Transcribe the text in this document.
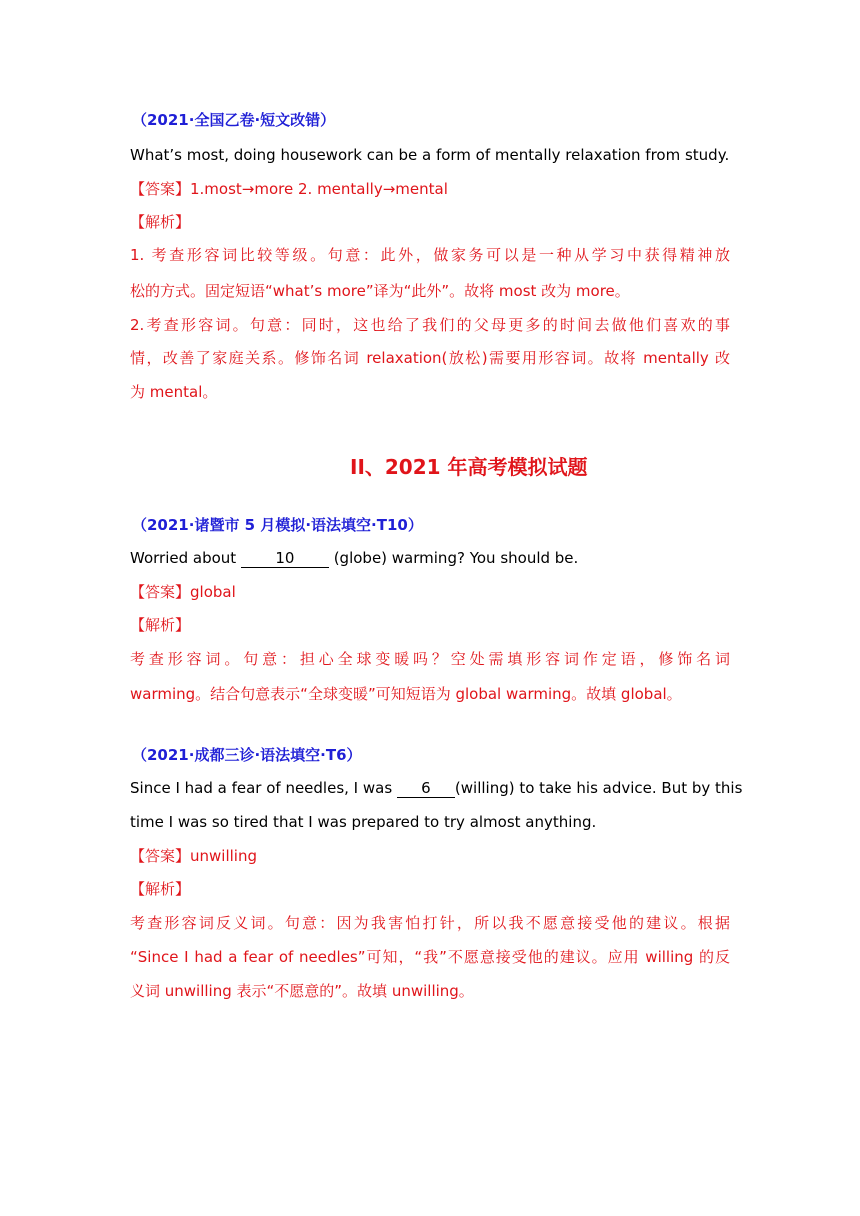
（2021·全国乙卷·短文改错）
What’s most, doing housework can be a form of mentally relaxation from study.
【答案】1.most→more 2. mentally→mental
【解析】
1. 考查形容词比较等级。句意：此外，做家务可以是一种从学习中获得精神放
松的方式。固定短语“what’s more”译为“此外”。故将 most 改为 more。
2.考查形容词。句意：同时，这也给了我们的父母更多的时间去做他们喜欢的事
情，改善了家庭关系。修饰名词 relaxation(放松)需要用形容词。故将 mentally 改
为 mental。
II、2021 年高考模拟试题
（2021·诸暨市 5 月模拟·语法填空·T10）
Worried about 10 (globe) warming? You should be.
【答案】global
【解析】
考查形容词。句意：担心全球变暖吗？空处需填形容词作定语，修饰名词
warming。结合句意表示“全球变暖”可知短语为 global warming。故填 global。
（2021·成都三诊·语法填空·T6）
Since I had a fear of needles, I was 6 (willing) to take his advice. But by this
time I was so tired that I was prepared to try almost anything.
【答案】unwilling
【解析】
考查形容词反义词。句意：因为我害怕打针，所以我不愿意接受他的建议。根据
“Since I had a fear of needles”可知，“我”不愿意接受他的建议。应用 willing 的反
义词 unwilling 表示“不愿意的”。故填 unwilling。
